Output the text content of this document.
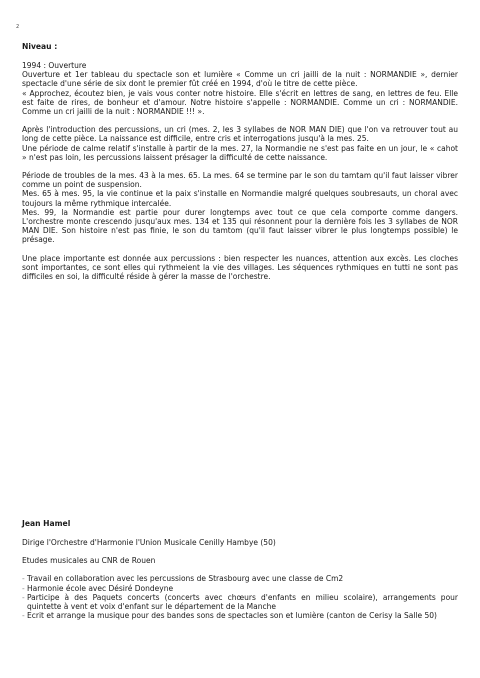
2
Niveau :

1994 : Ouverture

Ouverture et 1er tableau du spectacle son et lumière « Comme un cri jailli de la nuit : NORMANDIE », dernier spectacle d'une série de six dont le premier fût créé en 1994, d'où le titre de cette pièce.

« Approchez, écoutez bien, je vais vous conter notre histoire. Elle s'écrit en lettres de sang, en lettres de feu. Elle est faite de rires, de bonheur et d'amour. Notre histoire s'appelle : NORMANDIE. Comme un cri : NORMANDIE. Comme un cri jailli de la nuit : NORMANDIE !!! ».

Après l'introduction des percussions, un cri (mes. 2, les 3 syllabes de NOR MAN DIE) que l'on va retrouver tout au long de cette pièce. La naissance est difficile, entre cris et interrogations jusqu'à la mes. 25.

Une période de calme relatif s'installe à partir de la mes. 27, la Normandie ne s'est pas faite en un jour, le « cahot » n'est pas loin, les percussions laissent présager la difficulté de cette naissance.

Période de troubles de la mes. 43 à la mes. 65. La mes. 64 se termine par le son du tamtam qu'il faut laisser vibrer comme un point de suspension.

Mes. 65 à mes. 95, la vie continue et la paix s'installe en Normandie malgré quelques soubresauts, un choral avec toujours la même rythmique intercalée.

Mes. 99, la Normandie est partie pour durer longtemps avec tout ce que cela comporte comme dangers. L'orchestre monte crescendo jusqu'aux mes. 134 et 135 qui résonnent pour la dernière fois les 3 syllabes de NOR MAN DIE. Son histoire n'est pas finie, le son du tamtom (qu'il faut laisser vibrer le plus longtemps possible) le présage.

Une place importante est donnée aux percussions : bien respecter les nuances, attention aux excès. Les cloches sont importantes, ce sont elles qui rythmeient la vie des villages. Les séquences rythmiques en tutti ne sont pas difficiles en soi, la difficulté réside à gérer la masse de l'orchestre.

Jean Hamel

Dirige l'Orchestre d'Harmonie l'Union Musicale Cenilly Hambye (50)

Etudes musicales au CNR de Rouen

- Travail en collaboration avec les percussions de Strasbourg avec une classe de Cm2
- Harmonie école avec Désiré Dondeyne
- Participe à des Paquets concerts (concerts avec chœurs d'enfants en milieu scolaire), arrangements pour quintette à vent et voix d'enfant sur le département de la Manche
- Ecrit et arrange la musique pour des bandes sons de spectacles son et lumière (canton de Cerisy la Salle 50)
